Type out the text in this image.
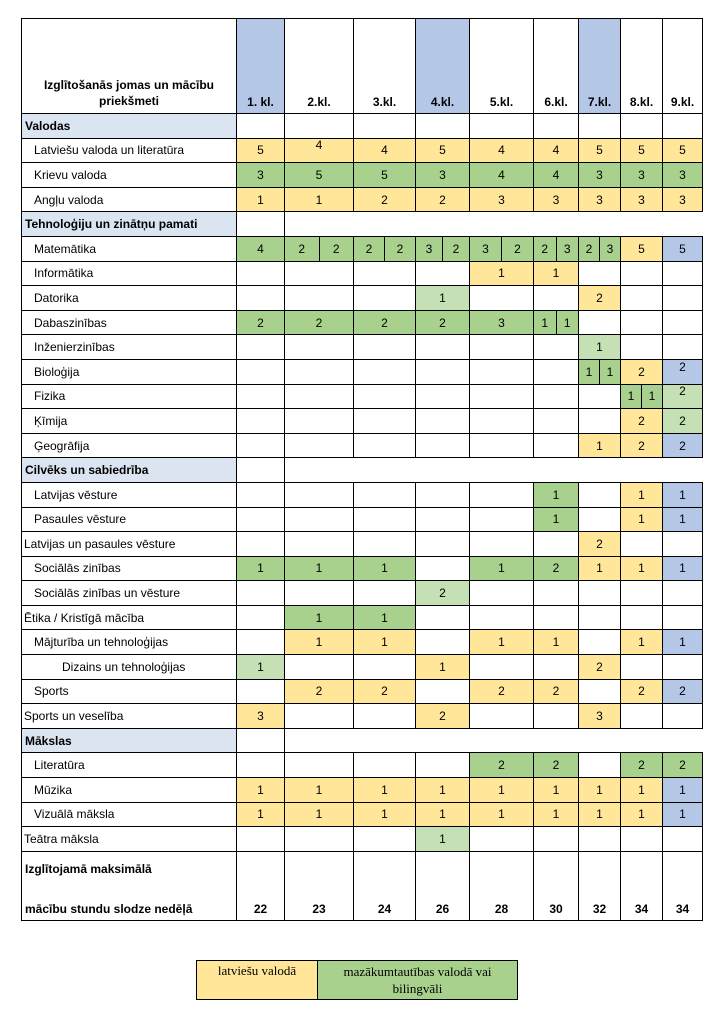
Izglītošanās jomas un mācību priekšmeti	1. kl.	2.kl.	3.kl.	4.kl.	5.kl.	6.kl.	7.kl.	8.kl.	9.kl.
Valodas									
Latviešu valoda un literatūra	5	4	4	5	4	4	5	5	5
Krievu valoda	3	5	5	3	4	4	3	3	3
Angļu valoda	1	1	2	2	3	3	3	3	3
Tehnoloģiju un zinātņu pamati									
Matemātika	4	2 2	2 2	3 2	3 2	2 3	2 3	5	5
Informātika					1	1			
Datorika				1			2		
Dabaszinības	2	2	2	2	3	1 1			

Inženierzinības							1		
Bioloģija							1 1	2	2
Fizika								1 1	2
Ķīmija								2	2
Ģeogrāfija							1	2	2
Cilvēks un sabiedrība									
Latvijas vēsture						1		1	1
Pasaules vēsture						1		1	1
Latvijas un pasaules vēsture							2		
Sociālās zinības	1	1	1		1	2	1	1	1
Sociālās zinības un vēsture				2					
Ētika / Kristīgā mācība		1	1						
Mājturība un tehnoloģijas		1	1		1	1		1	1
Dizains un tehnoloģijas	1			1			2		
Sports		2	2		2	2		2	2
Sports un veselība	3			2			3		
Mākslas									
Literatūra					2	2		2	2
Mūzika	1	1	1	1	1	1	1	1	1
Vizuālā māksla	1	1	1	1	1	1	1	1	1
Teātra māksla				1					
Izglītojamā maksimālā									
mācību stundu slodze nedēļā	22	23	24	26	28	30	32	34	34
latviešu valodā	mazākumtautības valodā vai bilingvāli
